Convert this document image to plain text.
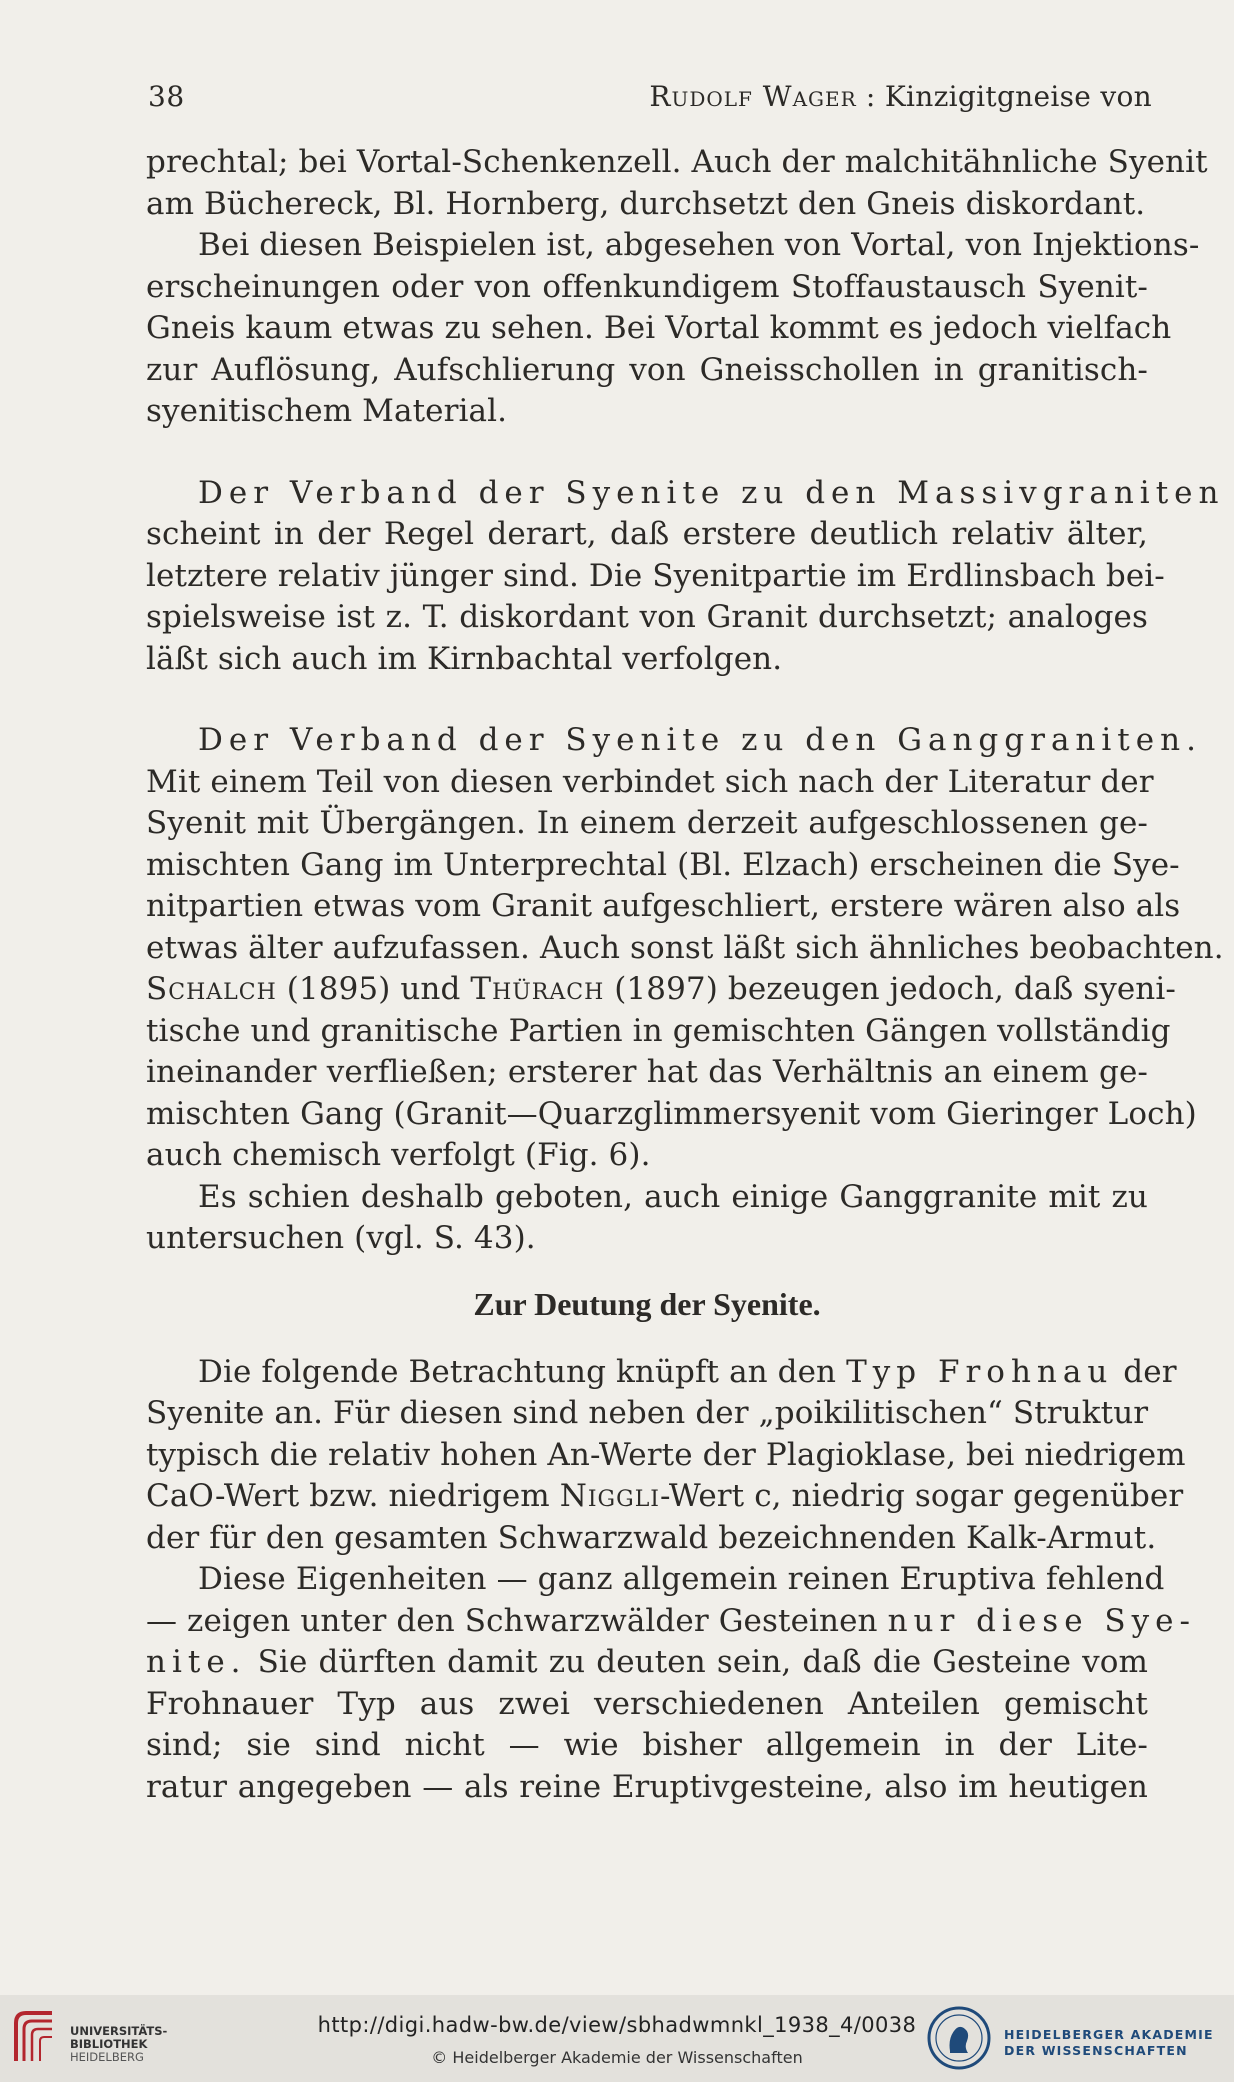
38	Rudolf Wager : Kinzigitgneise von
prechtal; bei Vortal-Schenkenzell. Auch der malchitähnliche Syenit
am Büchereck, Bl. Hornberg, durchsetzt den Gneis diskordant.
Bei diesen Beispielen ist, abgesehen von Vortal, von Injektions-
erscheinungen oder von offenkundigem Stoffaustausch Syenit-
Gneis kaum etwas zu sehen. Bei Vortal kommt es jedoch vielfach
zur Auflösung, Aufschlierung von Gneisschollen in granitisch-
syenitischem Material.
Der Verband der Syenite zu den Massivgraniten
scheint in der Regel derart, daß erstere deutlich relativ älter,
letztere relativ jünger sind. Die Syenitpartie im Erdlinsbach bei-
spielsweise ist z. T. diskordant von Granit durchsetzt; analoges
läßt sich auch im Kirnbachtal verfolgen.
Der Verband der Syenite zu den Ganggraniten.
Mit einem Teil von diesen verbindet sich nach der Literatur der
Syenit mit Übergängen. In einem derzeit aufgeschlossenen ge-
mischten Gang im Unterprechtal (Bl. Elzach) erscheinen die Sye-
nitpartien etwas vom Granit aufgeschliert, erstere wären also als
etwas älter aufzufassen. Auch sonst läßt sich ähnliches beobachten.
Schalch (1895) und Thürach (1897) bezeugen jedoch, daß syeni-
tische und granitische Partien in gemischten Gängen vollständig
ineinander verfließen; ersterer hat das Verhältnis an einem ge-
mischten Gang (Granit—Quarzglimmersyenit vom Gieringer Loch)
auch chemisch verfolgt (Fig. 6).
Es schien deshalb geboten, auch einige Ganggranite mit zu
untersuchen (vgl. S. 43).
Zur Deutung der Syenite.
Die folgende Betrachtung knüpft an den Typ Frohnau der
Syenite an. Für diesen sind neben der „poikilitischen“ Struktur
typisch die relativ hohen An-Werte der Plagioklase, bei niedrigem
CaO-Wert bzw. niedrigem Niggli-Wert c, niedrig sogar gegenüber
der für den gesamten Schwarzwald bezeichnenden Kalk-Armut.
Diese Eigenheiten — ganz allgemein reinen Eruptiva fehlend
— zeigen unter den Schwarzwälder Gesteinen nur diese Sye-
nite. Sie dürften damit zu deuten sein, daß die Gesteine vom
Frohnauer Typ aus zwei verschiedenen Anteilen gemischt
sind; sie sind nicht — wie bisher allgemein in der Lite-
ratur angegeben — als reine Eruptivgesteine, also im heutigen
UNIVERSITÄTS-
BIBLIOTHEK
HEIDELBERG
http://digi.hadw-bw.de/view/sbhadwmnkl_1938_4/0038
© Heidelberger Akademie der Wissenschaften
HEIDELBERGER AKADEMIE
DER WISSENSCHAFTEN
